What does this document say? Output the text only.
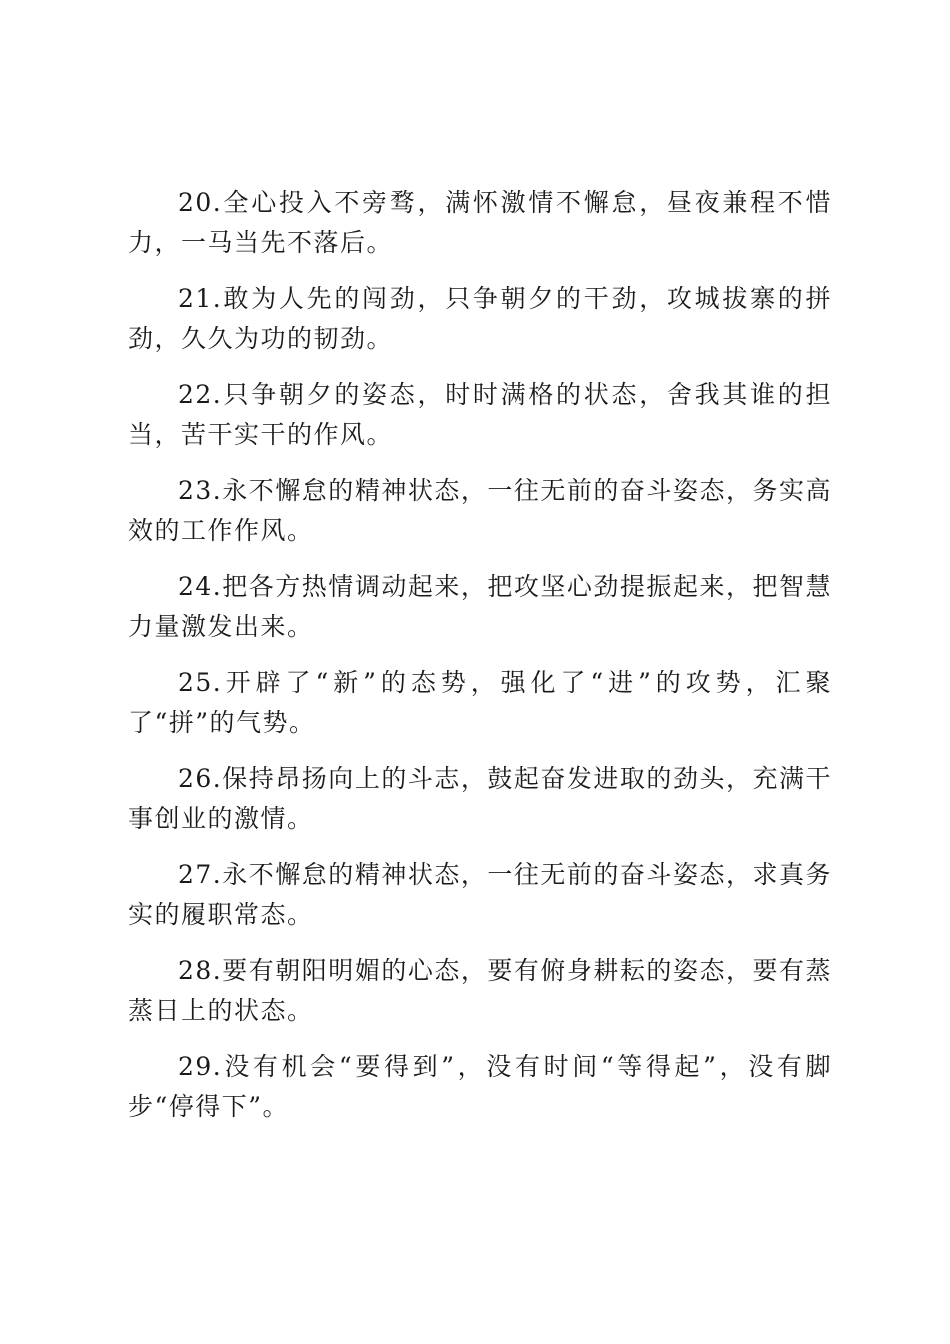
20.全心投入不旁骛，满怀激情不懈怠，昼夜兼程不惜力，一马当先不落后。

21.敢为人先的闯劲，只争朝夕的干劲，攻城拔寨的拼劲，久久为功的韧劲。

22.只争朝夕的姿态，时时满格的状态，舍我其谁的担当，苦干实干的作风。

23.永不懈怠的精神状态，一往无前的奋斗姿态，务实高效的工作作风。

24.把各方热情调动起来，把攻坚心劲提振起来，把智慧力量激发出来。

25.开辟了“新”的态势，强化了“进”的攻势，汇聚了“拼”的气势。

26.保持昂扬向上的斗志，鼓起奋发进取的劲头，充满干事创业的激情。

27.永不懈怠的精神状态，一往无前的奋斗姿态，求真务实的履职常态。

28.要有朝阳明媚的心态，要有俯身耕耘的姿态，要有蒸蒸日上的状态。

29.没有机会“要得到”，没有时间“等得起”，没有脚步“停得下”。
